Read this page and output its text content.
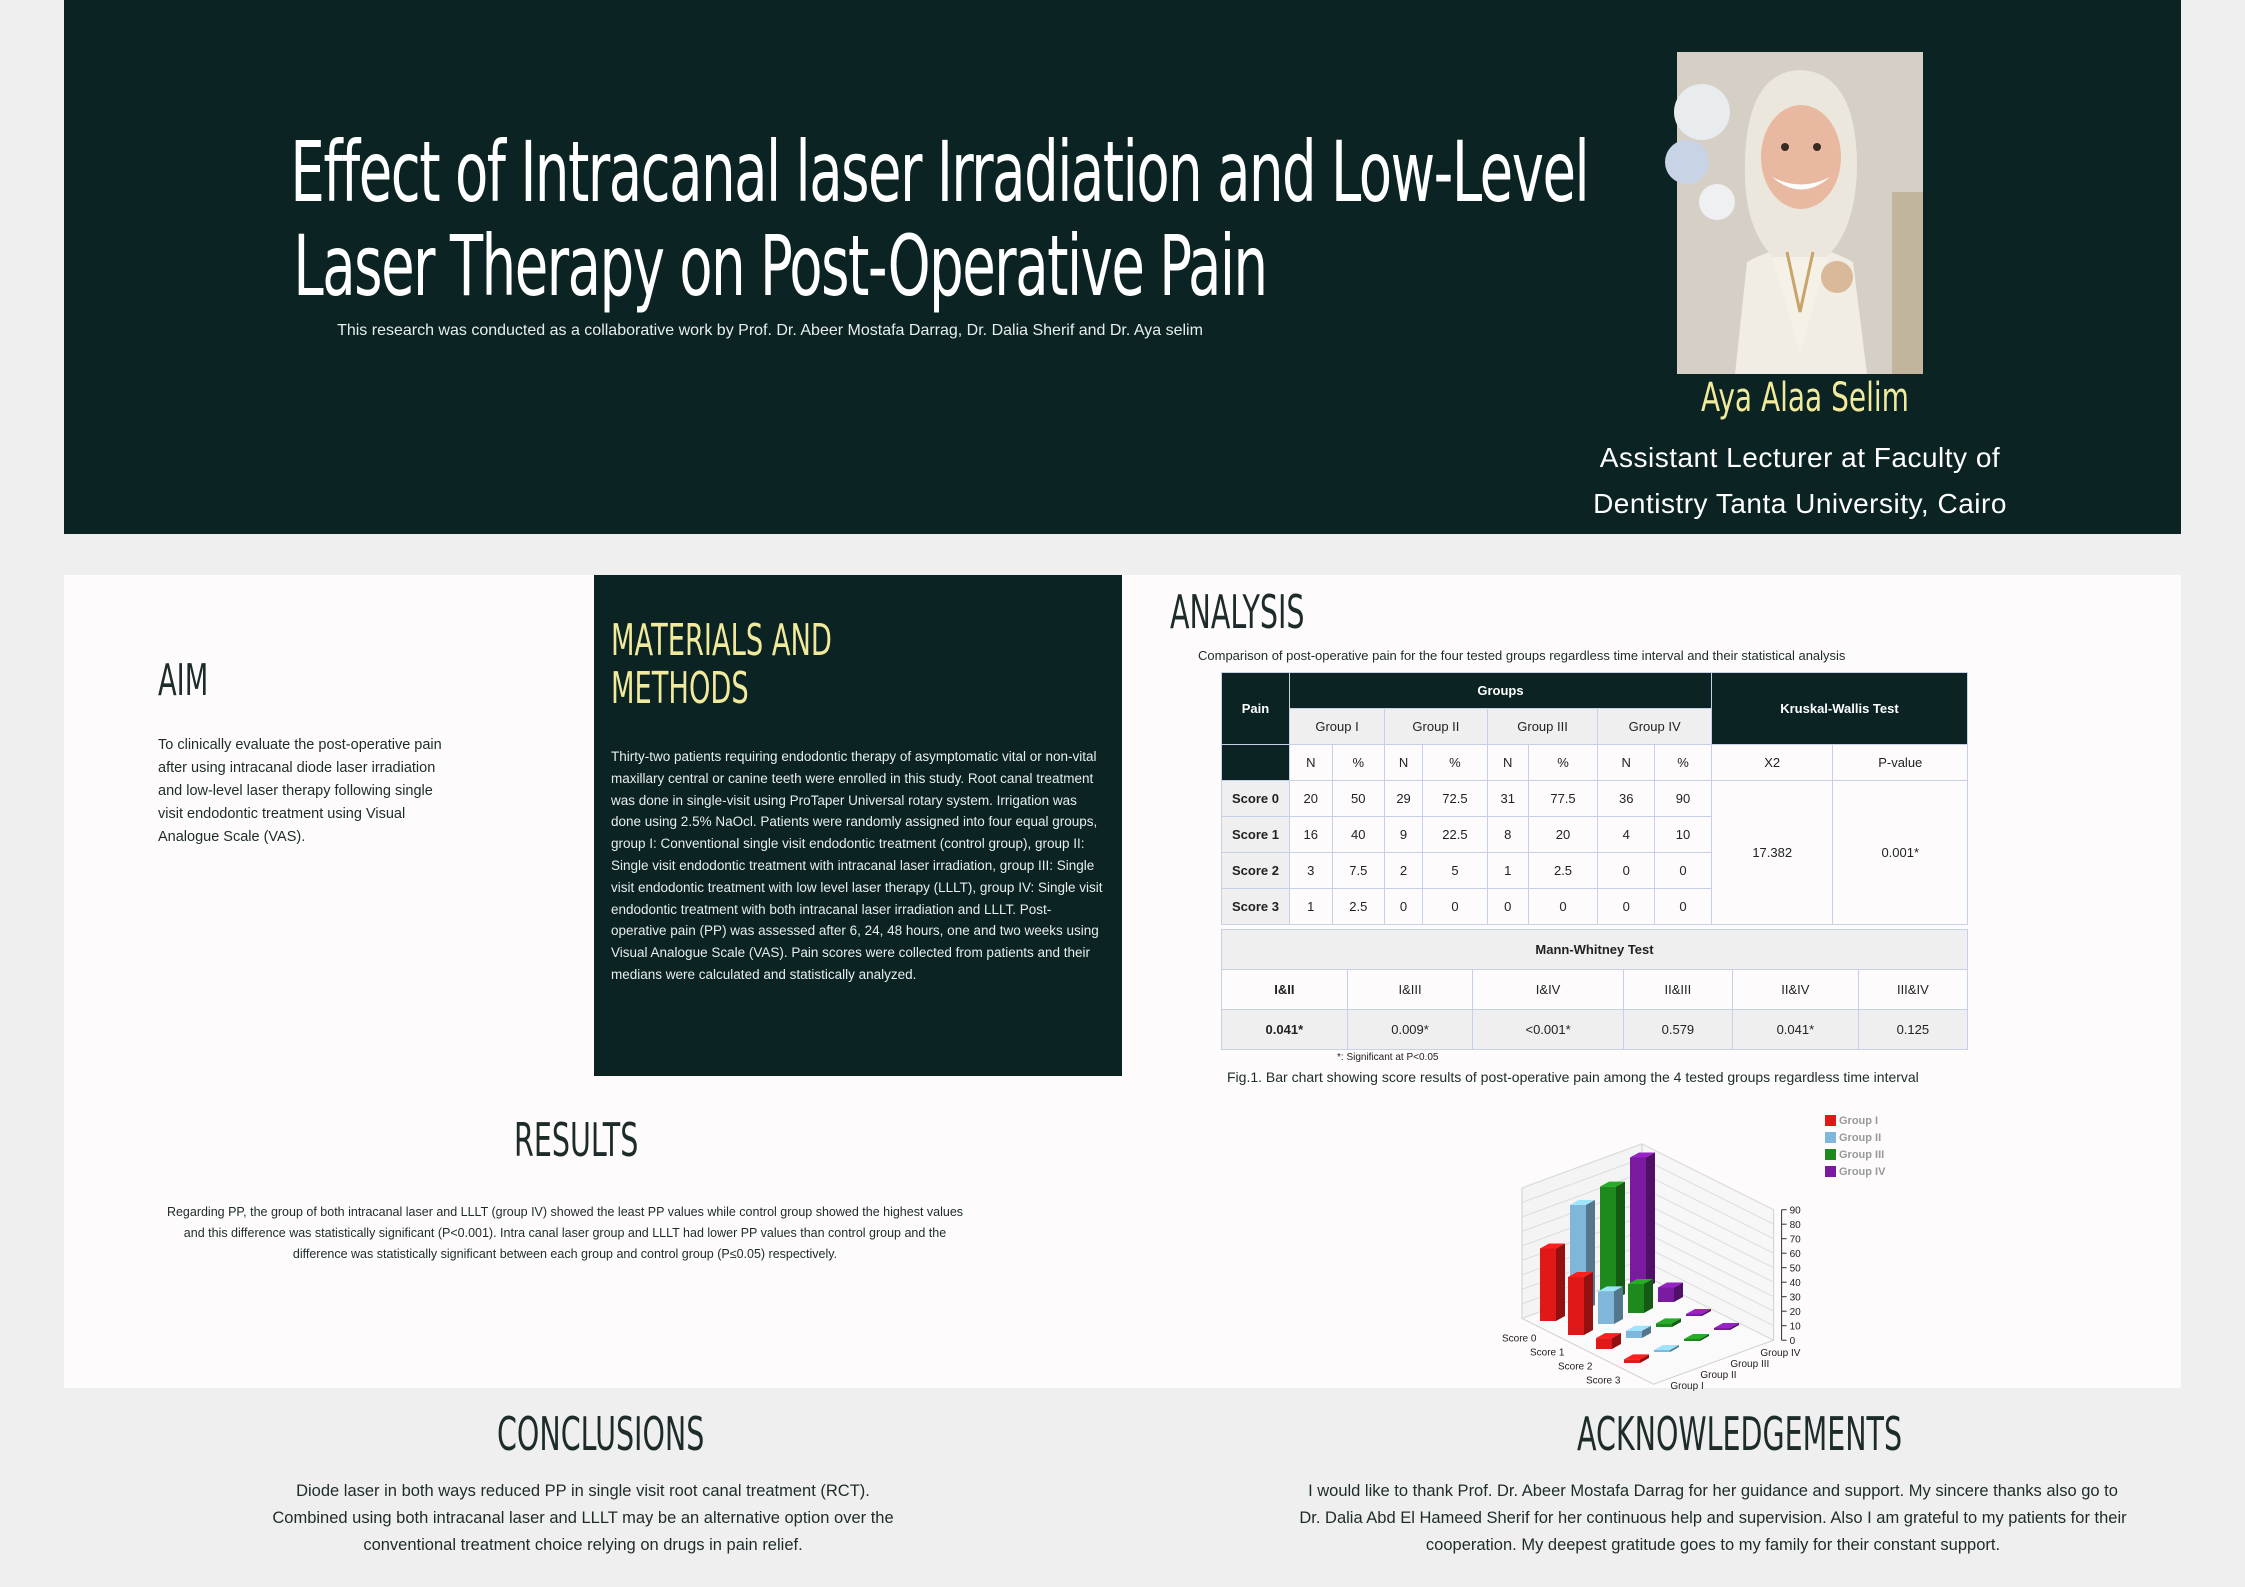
Effect of Intracanal laser Irradiation and Low-Level
Laser Therapy on Post-Operative Pain
This research was conducted as a collaborative work by Prof. Dr. Abeer Mostafa Darrag, Dr. Dalia Sherif and Dr. Aya selim
Aya Alaa Selim
Assistant Lecturer at Faculty of
Dentistry Tanta University, Cairo
AIM
To clinically evaluate the post-operative pain after using intracanal diode laser irradiation and low-level laser therapy following single visit endodontic treatment using Visual Analogue Scale (VAS).
MATERIALS AND
METHODS
Thirty-two patients requiring endodontic therapy of asymptomatic vital or non-vital maxillary central or canine teeth were enrolled in this study. Root canal treatment was done in single-visit using ProTaper Universal rotary system. Irrigation was done using 2.5% NaOcl. Patients were randomly assigned into four equal groups, group I: Conventional single visit endodontic treatment (control group), group II: Single visit endodontic treatment with intracanal laser irradiation, group III: Single visit endodontic treatment with low level laser therapy (LLLT), group IV: Single visit endodontic treatment with both intracanal laser irradiation and LLLT. Post-operative pain (PP) was assessed after 6, 24, 48 hours, one and two weeks using Visual Analogue Scale (VAS). Pain scores were collected from patients and their medians were calculated and statistically analyzed.
RESULTS
Regarding PP, the group of both intracanal laser and LLLT (group IV) showed the least PP values while control group showed the highest values and this difference was statistically significant (P<0.001). Intra canal laser group and LLLT had lower PP values than control group and the difference was statistically significant between each group and control group (P≤0.05) respectively.
ANALYSIS
Comparison of post-operative pain for the four tested groups regardless time interval and their statistical analysis
Pain	Groups								Kruskal-Wallis Test	
	Group I		Group II		Group III		Group IV			
	N	%	N	%	N	%	N	%	X2	P-value
Score 0	20	50	29	72.5	31	77.5	36	90	17.382	0.001*
Score 1	16	40	9	22.5	8	20	4	10		
Score 2	3	7.5	2	5	1	2.5	0	0		
Score 3	1	2.5	0	0	0	0	0	0		
Mann-Whitney Test					
I&II	I&III	I&IV	II&III	II&IV	III&IV
0.041*	0.009*	<0.001*	0.579	0.041*	0.125
*: Significant at P<0.05
Fig.1. Bar chart showing score results of post-operative pain among the 4 tested groups regardless time interval
0
10
20
30
40
50
60
70
80
90
Score 0
Score 1
Score 2
Score 3
Group I
Group II
Group III
Group IV
Group I
Group II
Group III
Group IV
CONCLUSIONS
Diode laser in both ways reduced PP in single visit root canal treatment (RCT). Combined using both intracanal laser and LLLT may be an alternative option over the conventional treatment choice relying on drugs in pain relief.
ACKNOWLEDGEMENTS
I would like to thank Prof. Dr. Abeer Mostafa Darrag for her guidance and support. My sincere thanks also go to Dr. Dalia Abd El Hameed Sherif for her continuous help and supervision. Also I am grateful to my patients for their cooperation. My deepest gratitude goes to my family for their constant support.
